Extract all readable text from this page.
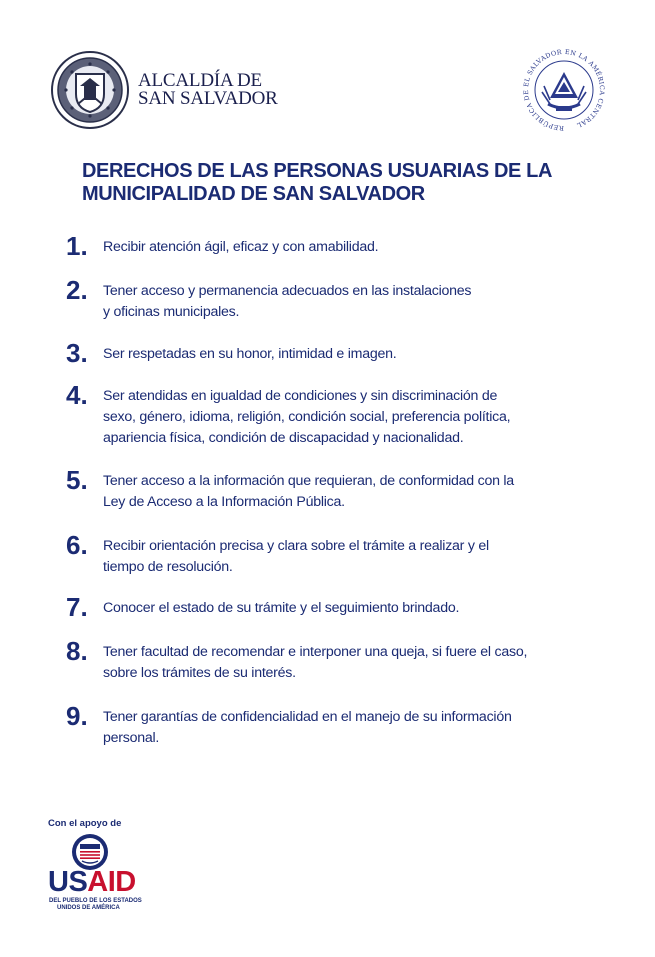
ALCALDÍA DE
SAN SALVADOR
REPÚBLICA DE EL SALVADOR EN LA AMÉRICA CENTRAL
DERECHOS DE LAS PERSONAS USUARIAS DE LA
MUNICIPALIDAD DE SAN SALVADOR
1.	Recibir atención ágil, eficaz y con amabilidad.
2.	Tener acceso y permanencia adecuados en las instalaciones
y oficinas municipales.
3.	Ser respetadas en su honor, intimidad e imagen.
4.	Ser atendidas en igualdad de condiciones y sin discriminación de
sexo, género, idioma, religión, condición social, preferencia política,
apariencia física, condición de discapacidad y nacionalidad.
5.	Tener acceso a la información que requieran, de conformidad con la
Ley de Acceso a la Información Pública.
6.	Recibir orientación precisa y clara sobre el trámite a realizar y el
tiempo de resolución.
7.	Conocer el estado de su trámite y el seguimiento brindado.
8.	Tener facultad de recomendar e interponer una queja, si fuere el caso,
sobre los trámites de su interés.
9.	Tener garantías de confidencialidad en el manejo de su información
personal.
Con el apoyo de
USAID
DEL PUEBLO DE LOS ESTADOS
UNIDOS DE AMÉRICA
